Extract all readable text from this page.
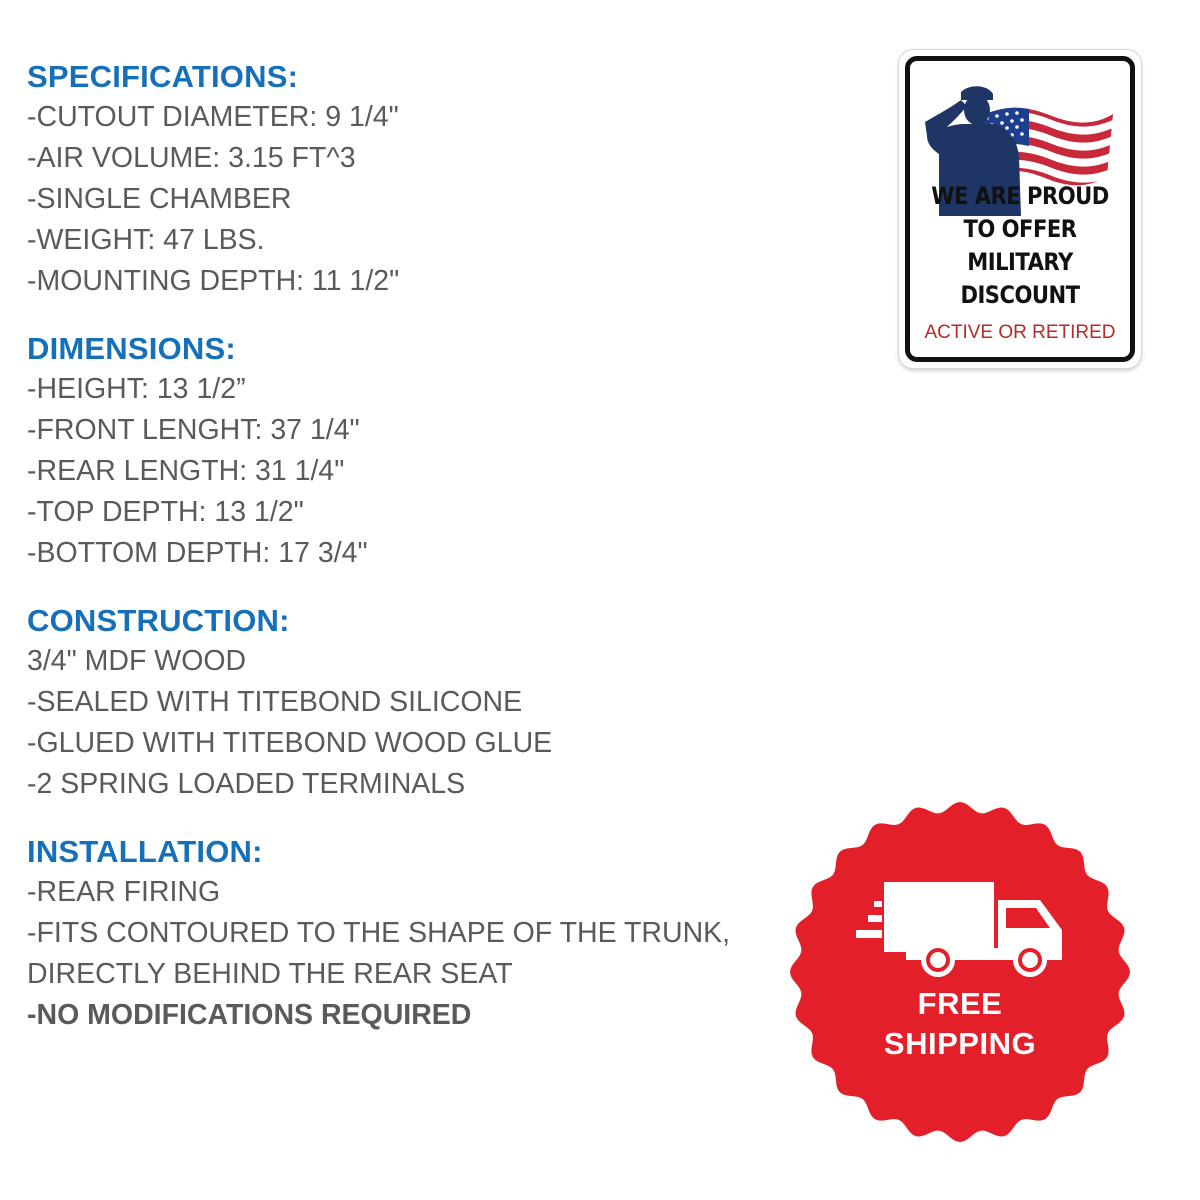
SPECIFICATIONS:
-CUTOUT DIAMETER: 9 1/4"
-AIR VOLUME: 3.15 FT^3
-SINGLE CHAMBER
-WEIGHT: 47 LBS.
-MOUNTING DEPTH: 11 1/2"
DIMENSIONS:
-HEIGHT: 13 1/2”
-FRONT LENGHT: 37 1/4"
-REAR LENGTH: 31 1/4"
-TOP DEPTH: 13 1/2"
-BOTTOM DEPTH: 17 3/4"
CONSTRUCTION:
3/4" MDF WOOD
-SEALED WITH TITEBOND SILICONE
-GLUED WITH TITEBOND WOOD GLUE
-2 SPRING LOADED TERMINALS
INSTALLATION:
-REAR FIRING
-FITS CONTOURED TO THE SHAPE OF THE TRUNK,
DIRECTLY BEHIND THE REAR SEAT
-NO MODIFICATIONS REQUIRED
WE ARE PROUD
TO OFFER
MILITARY
DISCOUNT
ACTIVE OR RETIRED
FREE
SHIPPING
